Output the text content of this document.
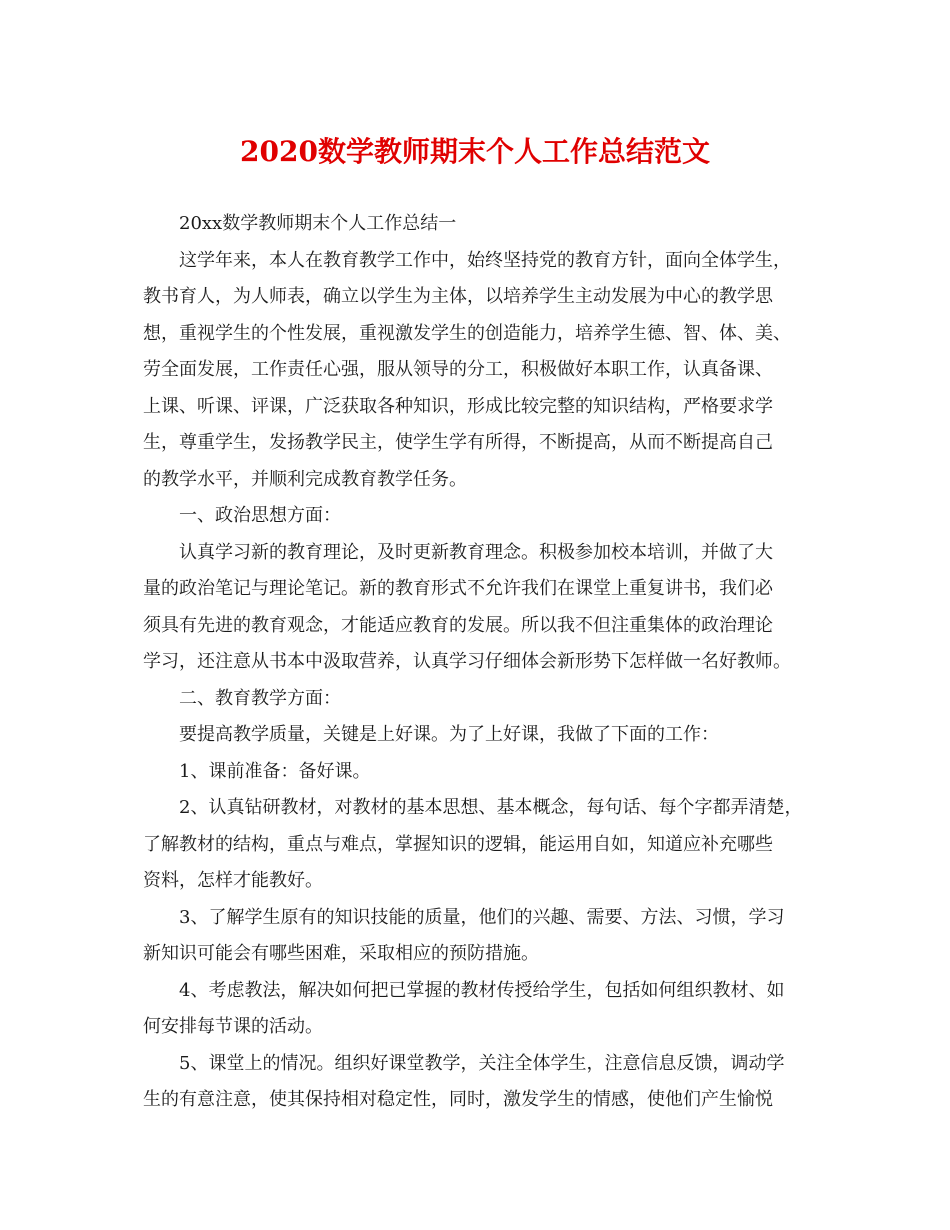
2020数学教师期末个人工作总结范文
20xx数学教师期末个人工作总结一
这学年来，本人在教育教学工作中，始终坚持党的教育方针，面向全体学生，
教书育人，为人师表，确立以学生为主体，以培养学生主动发展为中心的教学思
想，重视学生的个性发展，重视激发学生的创造能力，培养学生德、智、体、美、
劳全面发展，工作责任心强，服从领导的分工，积极做好本职工作，认真备课、
上课、听课、评课，广泛获取各种知识，形成比较完整的知识结构，严格要求学
生，尊重学生，发扬教学民主，使学生学有所得，不断提高，从而不断提高自己
的教学水平，并顺利完成教育教学任务。
一、政治思想方面：
认真学习新的教育理论，及时更新教育理念。积极参加校本培训，并做了大
量的政治笔记与理论笔记。新的教育形式不允许我们在课堂上重复讲书，我们必
须具有先进的教育观念，才能适应教育的发展。所以我不但注重集体的政治理论
学习，还注意从书本中汲取营养，认真学习仔细体会新形势下怎样做一名好教师。
二、教育教学方面：
要提高教学质量，关键是上好课。为了上好课，我做了下面的工作：
1、课前准备：备好课。
2、认真钻研教材，对教材的基本思想、基本概念，每句话、每个字都弄清楚，
了解教材的结构，重点与难点，掌握知识的逻辑，能运用自如，知道应补充哪些
资料，怎样才能教好。
3、了解学生原有的知识技能的质量，他们的兴趣、需要、方法、习惯，学习
新知识可能会有哪些困难，采取相应的预防措施。
4、考虑教法，解决如何把已掌握的教材传授给学生，包括如何组织教材、如
何安排每节课的活动。
5、课堂上的情况。组织好课堂教学，关注全体学生，注意信息反馈，调动学
生的有意注意，使其保持相对稳定性，同时，激发学生的情感，使他们产生愉悦
